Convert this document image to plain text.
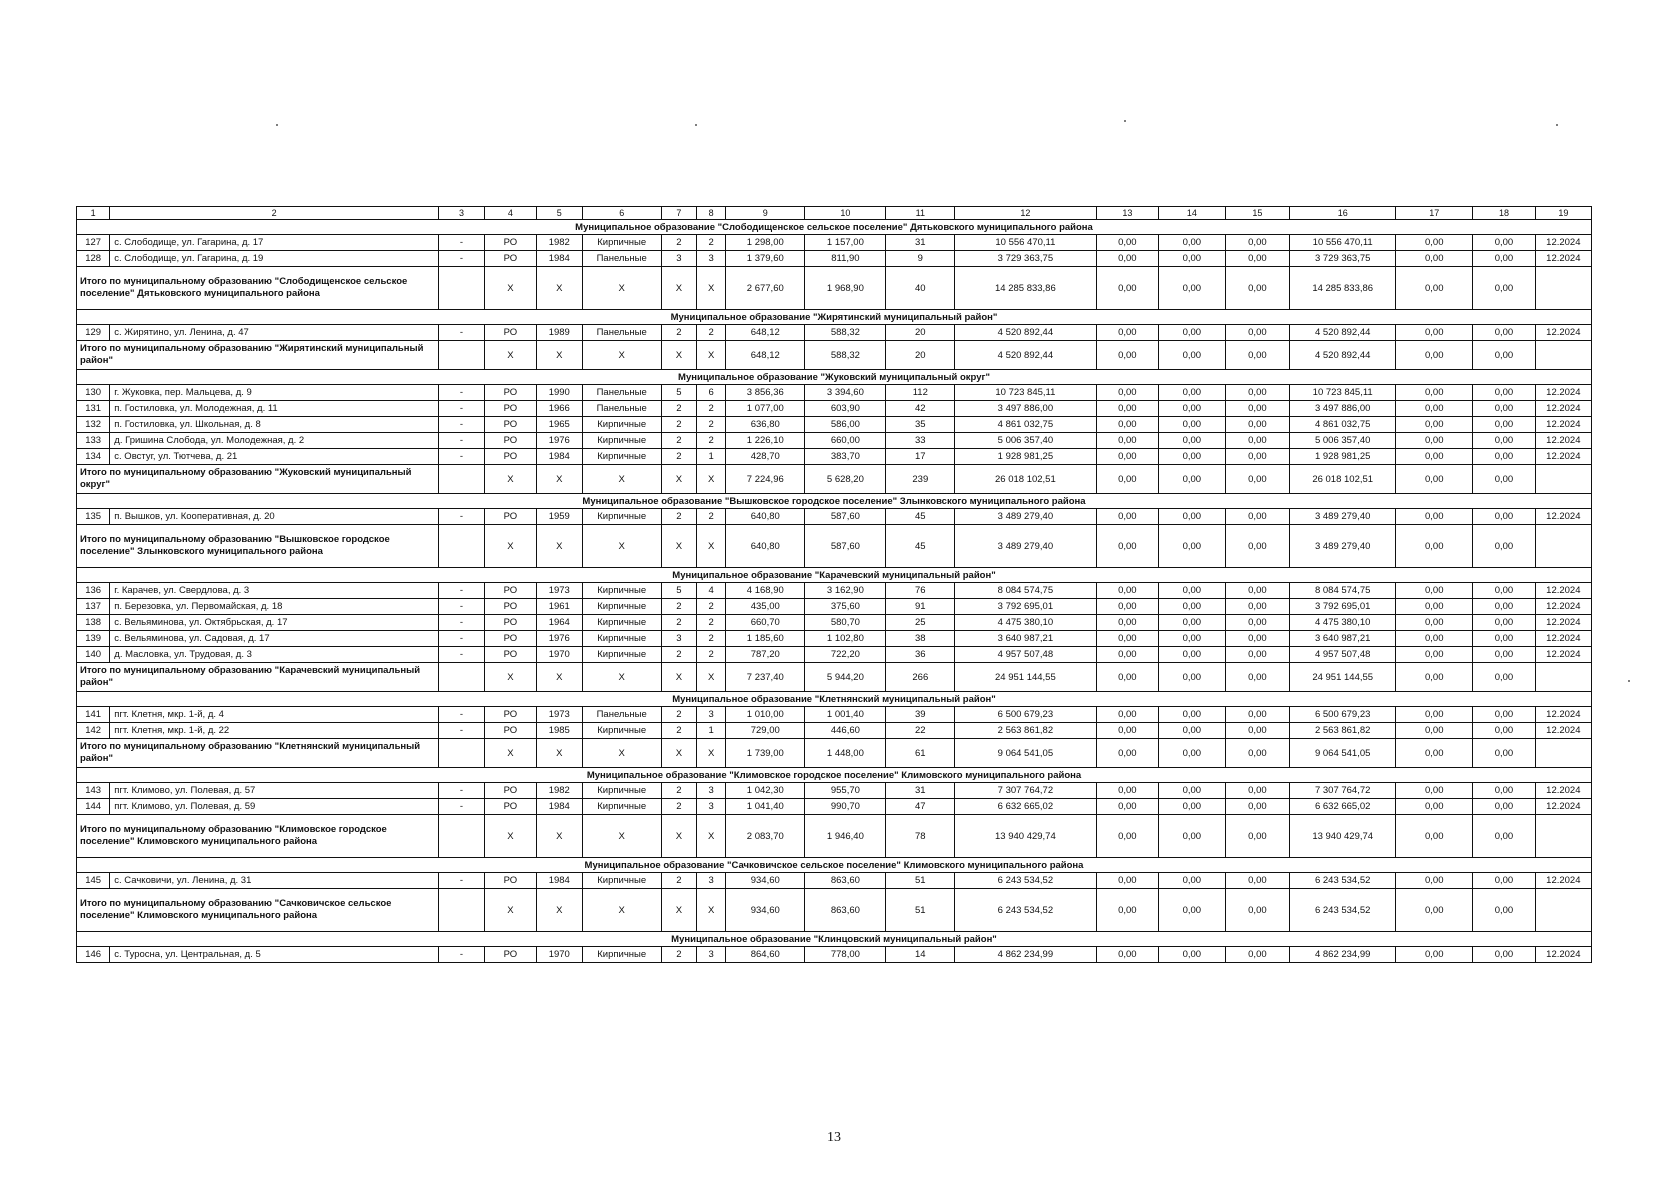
1	2	3	4	5	6	7	8	9	10	11	12	13	14	15	16	17	18	19
Муниципальное образование "Слободищенское сельское поселение" Дятьковского муниципального района																		
127	с. Слободище, ул. Гагарина, д. 17	-	РО	1982	Кирпичные	2	2	1 298,00	1 157,00	31	10 556 470,11	0,00	0,00	0,00	10 556 470,11	0,00	0,00	12.2024
128	с. Слободище, ул. Гагарина, д. 19	-	РО	1984	Панельные	3	3	1 379,60	811,90	9	3 729 363,75	0,00	0,00	0,00	3 729 363,75	0,00	0,00	12.2024
Итого по муниципальному образованию "Слободищенское сельское поселение" Дятьковского муниципального района			X	X	X	X	X	2 677,60	1 968,90	40	14 285 833,86	0,00	0,00	0,00	14 285 833,86	0,00	0,00	
Муниципальное образование "Жирятинский муниципальный район"																		
129	с. Жирятино, ул. Ленина, д. 47	-	РО	1989	Панельные	2	2	648,12	588,32	20	4 520 892,44	0,00	0,00	0,00	4 520 892,44	0,00	0,00	12.2024
Итого по муниципальному образованию "Жирятинский муниципальный район"			X	X	X	X	X	648,12	588,32	20	4 520 892,44	0,00	0,00	0,00	4 520 892,44	0,00	0,00	
Муниципальное образование "Жуковский муниципальный округ"																		
130	г. Жуковка, пер. Мальцева, д. 9	-	РО	1990	Панельные	5	6	3 856,36	3 394,60	112	10 723 845,11	0,00	0,00	0,00	10 723 845,11	0,00	0,00	12.2024
131	п. Гостиловка, ул. Молодежная, д. 11	-	РО	1966	Панельные	2	2	1 077,00	603,90	42	3 497 886,00	0,00	0,00	0,00	3 497 886,00	0,00	0,00	12.2024
132	п. Гостиловка, ул. Школьная, д. 8	-	РО	1965	Кирпичные	2	2	636,80	586,00	35	4 861 032,75	0,00	0,00	0,00	4 861 032,75	0,00	0,00	12.2024
133	д. Гришина Слобода, ул. Молодежная, д. 2	-	РО	1976	Кирпичные	2	2	1 226,10	660,00	33	5 006 357,40	0,00	0,00	0,00	5 006 357,40	0,00	0,00	12.2024
134	с. Овстуг, ул. Тютчева, д. 21	-	РО	1984	Кирпичные	2	1	428,70	383,70	17	1 928 981,25	0,00	0,00	0,00	1 928 981,25	0,00	0,00	12.2024
Итого по муниципальному образованию "Жуковский муниципальный округ"			X	X	X	X	X	7 224,96	5 628,20	239	26 018 102,51	0,00	0,00	0,00	26 018 102,51	0,00	0,00	
Муниципальное образование "Вышковское городское поселение" Злынковского муниципального района																		
135	п. Вышков, ул. Кооперативная, д. 20	-	РО	1959	Кирпичные	2	2	640,80	587,60	45	3 489 279,40	0,00	0,00	0,00	3 489 279,40	0,00	0,00	12.2024
Итого по муниципальному образованию "Вышковское городское поселение" Злынковского муниципального района			X	X	X	X	X	640,80	587,60	45	3 489 279,40	0,00	0,00	0,00	3 489 279,40	0,00	0,00	
Муниципальное образование "Карачевский муниципальный район"																		
136	г. Карачев, ул. Свердлова, д. 3	-	РО	1973	Кирпичные	5	4	4 168,90	3 162,90	76	8 084 574,75	0,00	0,00	0,00	8 084 574,75	0,00	0,00	12.2024
137	п. Березовка, ул. Первомайская, д. 18	-	РО	1961	Кирпичные	2	2	435,00	375,60	91	3 792 695,01	0,00	0,00	0,00	3 792 695,01	0,00	0,00	12.2024
138	с. Вельяминова, ул. Октябрьская, д. 17	-	РО	1964	Кирпичные	2	2	660,70	580,70	25	4 475 380,10	0,00	0,00	0,00	4 475 380,10	0,00	0,00	12.2024
139	с. Вельяминова, ул. Садовая, д. 17	-	РО	1976	Кирпичные	3	2	1 185,60	1 102,80	38	3 640 987,21	0,00	0,00	0,00	3 640 987,21	0,00	0,00	12.2024
140	д. Масловка, ул. Трудовая, д. 3	-	РО	1970	Кирпичные	2	2	787,20	722,20	36	4 957 507,48	0,00	0,00	0,00	4 957 507,48	0,00	0,00	12.2024
Итого по муниципальному образованию "Карачевский муниципальный район"			X	X	X	X	X	7 237,40	5 944,20	266	24 951 144,55	0,00	0,00	0,00	24 951 144,55	0,00	0,00	
Муниципальное образование "Клетнянский муниципальный район"																		
141	пгт. Клетня, мкр. 1-й, д. 4	-	РО	1973	Панельные	2	3	1 010,00	1 001,40	39	6 500 679,23	0,00	0,00	0,00	6 500 679,23	0,00	0,00	12.2024
142	пгт. Клетня, мкр. 1-й, д. 22	-	РО	1985	Кирпичные	2	1	729,00	446,60	22	2 563 861,82	0,00	0,00	0,00	2 563 861,82	0,00	0,00	12.2024
Итого по муниципальному образованию "Клетнянский муниципальный район"			X	X	X	X	X	1 739,00	1 448,00	61	9 064 541,05	0,00	0,00	0,00	9 064 541,05	0,00	0,00	
Муниципальное образование "Климовское городское поселение" Климовского муниципального района																		
143	пгт. Климово, ул. Полевая, д. 57	-	РО	1982	Кирпичные	2	3	1 042,30	955,70	31	7 307 764,72	0,00	0,00	0,00	7 307 764,72	0,00	0,00	12.2024
144	пгт. Климово, ул. Полевая, д. 59	-	РО	1984	Кирпичные	2	3	1 041,40	990,70	47	6 632 665,02	0,00	0,00	0,00	6 632 665,02	0,00	0,00	12.2024
Итого по муниципальному образованию "Климовское городское поселение" Климовского муниципального района			X	X	X	X	X	2 083,70	1 946,40	78	13 940 429,74	0,00	0,00	0,00	13 940 429,74	0,00	0,00	
Муниципальное образование "Сачковичское сельское поселение" Климовского муниципального района																		
145	с. Сачковичи, ул. Ленина, д. 31	-	РО	1984	Кирпичные	2	3	934,60	863,60	51	6 243 534,52	0,00	0,00	0,00	6 243 534,52	0,00	0,00	12.2024
Итого по муниципальному образованию "Сачковичское сельское поселение" Климовского муниципального района			X	X	X	X	X	934,60	863,60	51	6 243 534,52	0,00	0,00	0,00	6 243 534,52	0,00	0,00	
Муниципальное образование "Клинцовский муниципальный район"																		
146	с. Туросна, ул. Центральная, д. 5	-	РО	1970	Кирпичные	2	3	864,60	778,00	14	4 862 234,99	0,00	0,00	0,00	4 862 234,99	0,00	0,00	12.2024
13
